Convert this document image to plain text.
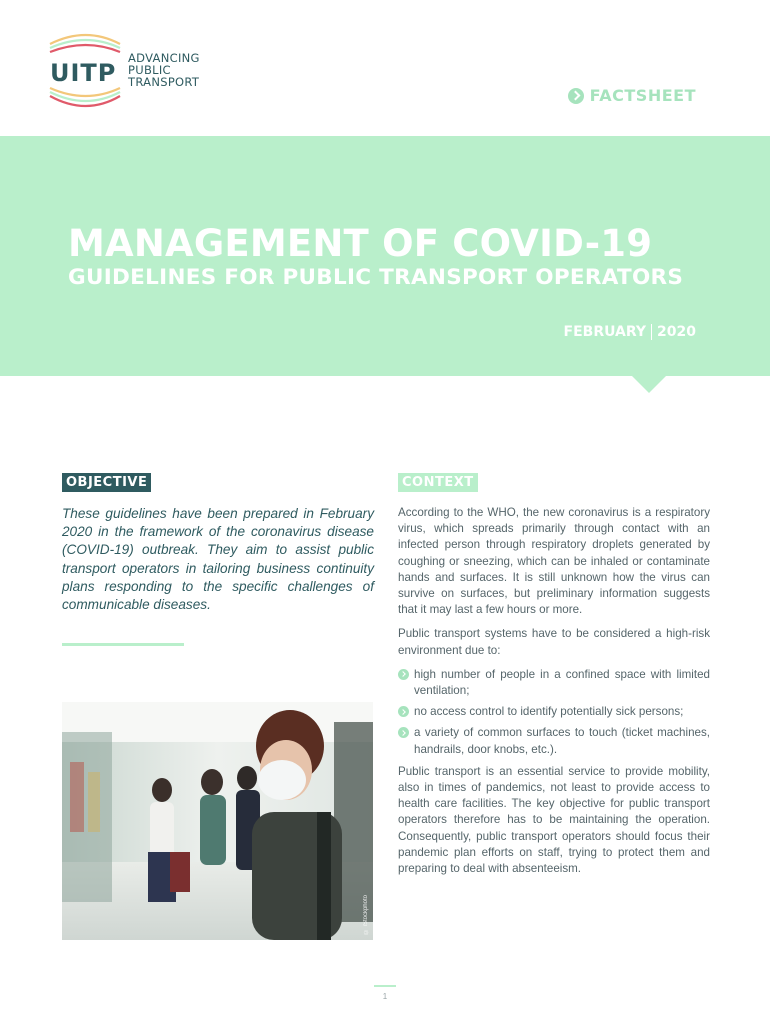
UITP
ADVANCING
PUBLIC
TRANSPORT
FACTSHEET
MANAGEMENT OF COVID-19
GUIDELINES FOR PUBLIC TRANSPORT OPERATORS
FEBRUARY 2020
OBJECTIVE

These guidelines have been prepared in February 2020 in the framework of the coronavirus disease (COVID-19) outbreak. They aim to assist public transport operators in tailoring business continuity plans responding to the specific challenges of communicable diseases.

© iStockphoto
CONTEXT

According to the WHO, the new coronavirus is a respiratory virus, which spreads primarily through contact with an infected person through respiratory droplets generated by coughing or sneezing, which can be inhaled or contaminate hands and surfaces. It is still unknown how the virus can survive on surfaces, but preliminary information suggests that it may last a few hours or more.

Public transport systems have to be considered a high-risk environment due to:

high number of people in a confined space with limited ventilation;
no access control to identify potentially sick persons;
a variety of common surfaces to touch (ticket machines, handrails, door knobs, etc.).

Public transport is an essential service to provide mobility, also in times of pandemics, not least to provide access to health care facilities. The key objective for public transport operators therefore has to be maintaining the operation. Consequently, public transport operators should focus their pandemic plan efforts on staff, trying to protect them and preparing to deal with absenteeism.

1
